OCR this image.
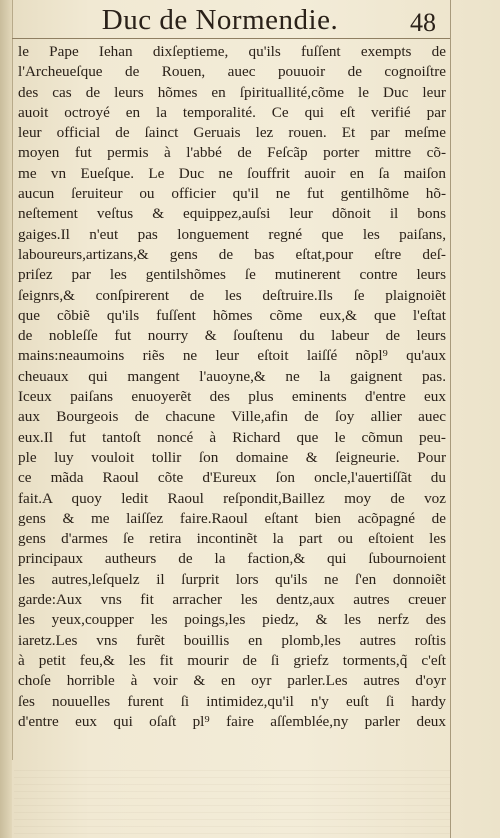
Duc de Normendie.	48
le Pape Iehan dixſeptieme, qu'ils fuſſent exempts de
l'Archeueſque de Rouen, auec pouuoir de cognoiſtre
des cas de leurs hõmes en ſpirituallité,cõme le Duc leur
auoit octroyé en la temporalité. Ce qui eſt verifié par
leur official de ſainct Geruais lez rouen. Et par meſme
moyen fut permis à l'abbé de Feſcãp porter mittre cõ-
me vn Eueſque. Le Duc ne ſouffrit auoir en ſa maiſon
aucun ſeruiteur ou officier qu'il ne fut gentilhõme hõ-
neſtement veſtus & equippez,auſsi leur dõnoit il bons
gaiges.Il n'eut pas longuement regné que les paiſans,
laboureurs,artizans,& gens de bas eſtat,pour eſtre deſ-
priſez par les gentilshõmes ſe mutinerent contre leurs
ſeignrs,& conſpirerent de les deſtruire.Ils ſe plaignoiẽt
que cõbiẽ qu'ils fuſſent hõmes cõme eux,& que l'eſtat
de nobleſſe fut nourry & ſouſtenu du labeur de leurs
mains:neaumoins riẽs ne leur eſtoit laiſſé nõpl⁹ qu'aux
cheuaux qui mangent l'auoyne,& ne la gaignent pas.
Iceux paiſans enuoyerẽt des plus eminents d'entre eux
aux Bourgeois de chacune Ville,afin de ſoy allier auec
eux.Il fut tantoſt noncé à Richard que le cõmun peu-
ple luy vouloit tollir ſon domaine & ſeigneurie. Pour
ce mãda Raoul cõte d'Eureux ſon oncle,l'auertiſſãt du
fait.A quoy ledit Raoul reſpondit,Baillez moy de voz
gens & me laiſſez faire.Raoul eſtant bien acõpagné de
gens d'armes ſe retira incontinẽt la part ou eſtoient les
principaux autheurs de la faction,& qui ſubournoient
les autres,leſquelz il ſurprit lors qu'ils ne ſ'en donnoiẽt
garde:Aux vns fit arracher les dentz,aux autres creuer
les yeux,coupper les poings,les piedz, & les nerfz des
iaretz.Les vns furẽt bouillis en plomb,les autres roſtis
à petit feu,& les fit mourir de ſi griefz torments,q̃ c'eſt
choſe horrible à voir & en oyr parler.Les autres d'oyr
ſes nouuelles furent ſi intimidez,qu'il n'y euſt ſi hardy
d'entre eux qui oſaſt pl⁹ faire aſſemblée,ny parler deux
